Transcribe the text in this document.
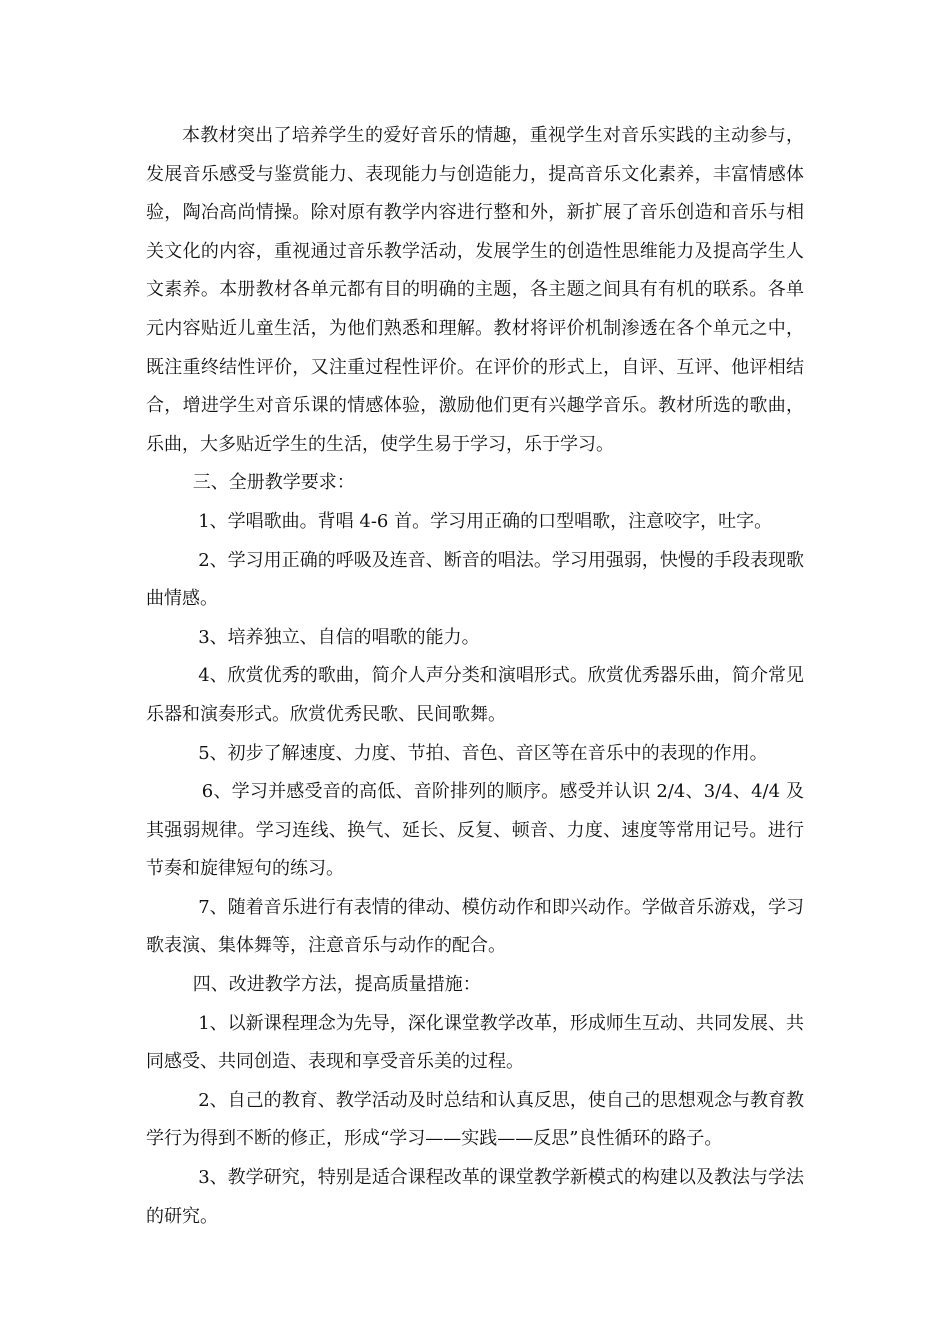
本教材突出了培养学生的爱好音乐的情趣，重视学生对音乐实践的主动参与，发展音乐感受与鉴赏能力、表现能力与创造能力，提高音乐文化素养，丰富情感体验，陶冶高尚情操。除对原有教学内容进行整和外，新扩展了音乐创造和音乐与相关文化的内容，重视通过音乐教学活动，发展学生的创造性思维能力及提高学生人文素养。本册教材各单元都有目的明确的主题，各主题之间具有有机的联系。各单元内容贴近儿童生活，为他们熟悉和理解。教材将评价机制渗透在各个单元之中，既注重终结性评价，又注重过程性评价。在评价的形式上，自评、互评、他评相结合，增进学生对音乐课的情感体验，激励他们更有兴趣学音乐。教材所选的歌曲，乐曲，大多贴近学生的生活，使学生易于学习，乐于学习。

三、全册教学要求：

1、学唱歌曲。背唱 4-6 首。学习用正确的口型唱歌，注意咬字，吐字。

2、学习用正确的呼吸及连音、断音的唱法。学习用强弱，快慢的手段表现歌曲情感。

3、培养独立、自信的唱歌的能力。

4、欣赏优秀的歌曲，简介人声分类和演唱形式。欣赏优秀器乐曲，简介常见乐器和演奏形式。欣赏优秀民歌、民间歌舞。

5、初步了解速度、力度、节拍、音色、音区等在音乐中的表现的作用。

6、学习并感受音的高低、音阶排列的顺序。感受并认识 2/4、3/4、4/4 及其强弱规律。学习连线、换气、延长、反复、顿音、力度、速度等常用记号。进行节奏和旋律短句的练习。

7、随着音乐进行有表情的律动、模仿动作和即兴动作。学做音乐游戏，学习歌表演、集体舞等，注意音乐与动作的配合。

四、改进教学方法，提高质量措施：

1、以新课程理念为先导，深化课堂教学改革，形成师生互动、共同发展、共同感受、共同创造、表现和享受音乐美的过程。

2、自己的教育、教学活动及时总结和认真反思，使自己的思想观念与教育教学行为得到不断的修正，形成“学习——实践——反思”良性循环的路子。

3、教学研究，特别是适合课程改革的课堂教学新模式的构建以及教法与学法的研究。
